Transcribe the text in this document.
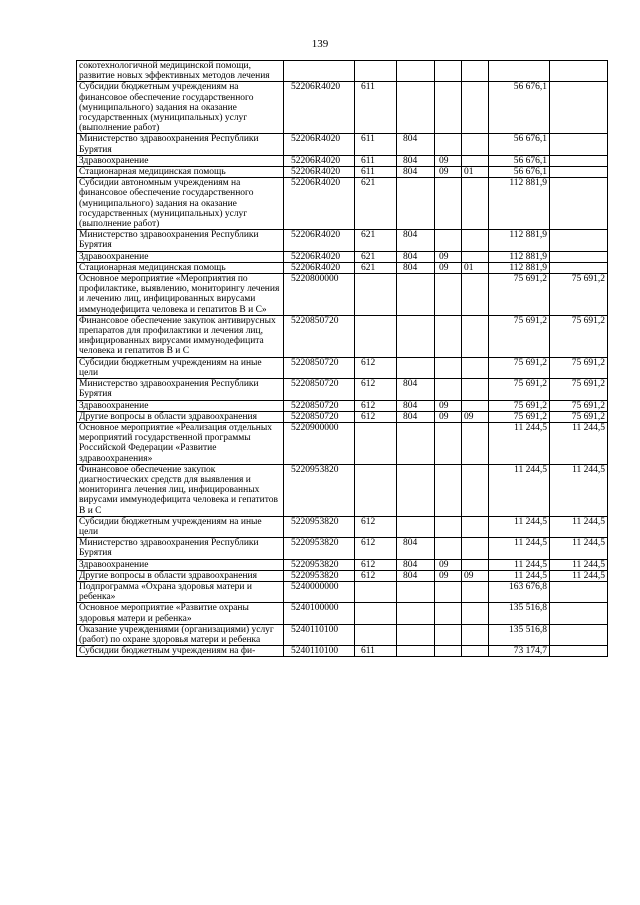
139
сокотехнологичной медицинской помощи, развитие новых эффективных методов лечения							
Субсидии бюджетным учреждениям на финансовое обеспечение государственного (муниципального) задания на оказание государственных (муниципальных) услуг (выполнение работ)	52206R4020	611				56 676,1	
Министерство здравоохранения Республики Бурятия	52206R4020	611	804			56 676,1	
Здравоохранение	52206R4020	611	804	09		56 676,1	
Стационарная медицинская помощь	52206R4020	611	804	09	01	56 676,1	
Субсидии автономным учреждениям на финансовое обеспечение государственного (муниципального) задания на оказание государственных (муниципальных) услуг (выполнение работ)	52206R4020	621				112 881,9	
Министерство здравоохранения Республики Бурятия	52206R4020	621	804			112 881,9	
Здравоохранение	52206R4020	621	804	09		112 881,9	
Стационарная медицинская помощь	52206R4020	621	804	09	01	112 881,9	
Основное мероприятие «Мероприятия по профилактике, выявлению, мониторингу лечения и лечению лиц, инфицированных вирусами иммунодефицита человека и гепатитов В и С»	5220800000					75 691,2	75 691,2
Финансовое обеспечение закупок антивирусных препаратов для профилактики и лечения лиц, инфицированных вирусами иммунодефицита человека и гепатитов В и С	5220850720					75 691,2	75 691,2
Субсидии бюджетным учреждениям на иные цели	5220850720	612				75 691,2	75 691,2
Министерство здравоохранения Республики Бурятия	5220850720	612	804			75 691,2	75 691,2
Здравоохранение	5220850720	612	804	09		75 691,2	75 691,2
Другие вопросы в области здравоохранения	5220850720	612	804	09	09	75 691,2	75 691,2
Основное мероприятие «Реализация отдельных мероприятий государственной программы Российской Федерации «Развитие здравоохранения»	5220900000					11 244,5	11 244,5
Финансовое обеспечение закупок диагностических средств для выявления и мониторинга лечения лиц, инфицированных вирусами иммунодефицита человека и гепатитов В и С	5220953820					11 244,5	11 244,5
Субсидии бюджетным учреждениям на иные цели	5220953820	612				11 244,5	11 244,5
Министерство здравоохранения Республики Бурятия	5220953820	612	804			11 244,5	11 244,5
Здравоохранение	5220953820	612	804	09		11 244,5	11 244,5
Другие вопросы в области здравоохранения	5220953820	612	804	09	09	11 244,5	11 244,5
Подпрограмма «Охрана здоровья матери и ребенка»	5240000000					163 676,8	
Основное мероприятие «Развитие охраны здоровья матери и ребенка»	5240100000					135 516,8	
Оказание учреждениями (организациями) услуг (работ) по охране здоровья матери и ребенка	5240110100					135 516,8	
Субсидии бюджетным учреждениям на фи-	5240110100	611				73 174,7	
